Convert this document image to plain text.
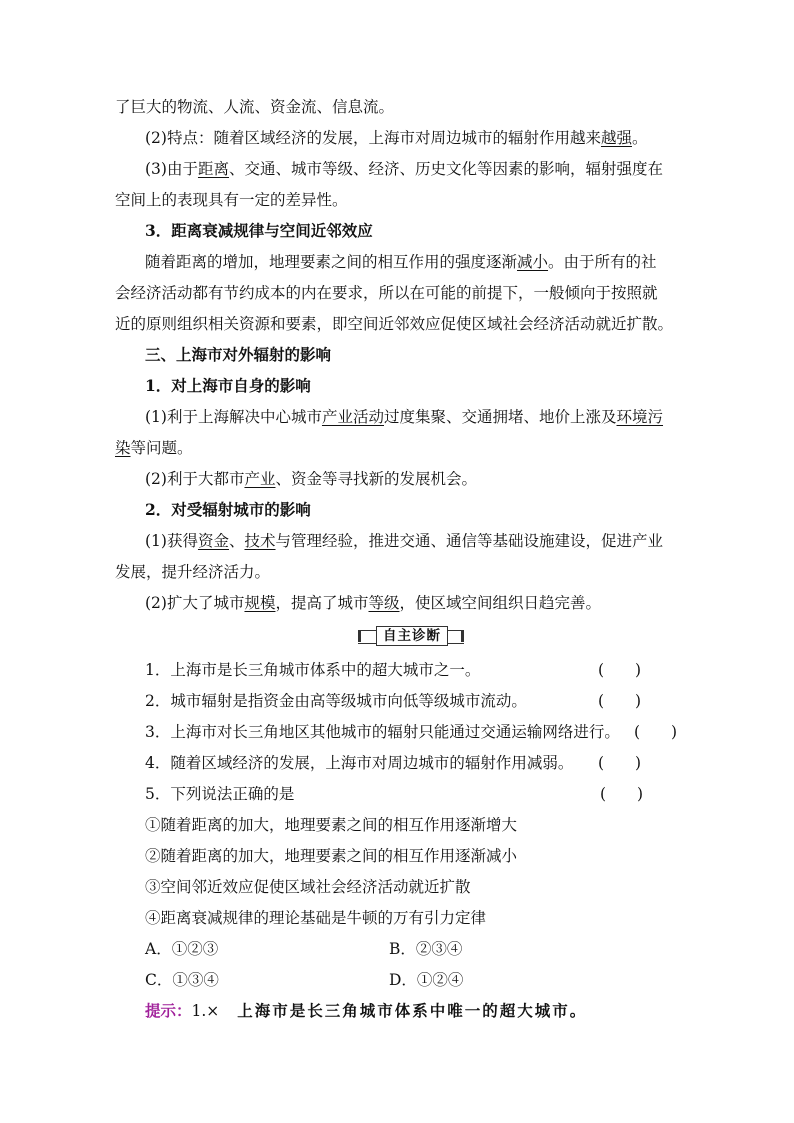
了巨大的物流、人流、资金流、信息流。
(2)特点：随着区域经济的发展，上海市对周边城市的辐射作用越来越强。
(3)由于距离、交通、城市等级、经济、历史文化等因素的影响，辐射强度在
空间上的表现具有一定的差异性。
3．距离衰减规律与空间近邻效应
随着距离的增加，地理要素之间的相互作用的强度逐渐减小。由于所有的社
会经济活动都有节约成本的内在要求，所以在可能的前提下，一般倾向于按照就
近的原则组织相关资源和要素，即空间近邻效应促使区域社会经济活动就近扩散。
三、上海市对外辐射的影响
1．对上海市自身的影响
(1)利于上海解决中心城市产业活动过度集聚、交通拥堵、地价上涨及环境污
染等问题。
(2)利于大都市产业、资金等寻找新的发展机会。
2．对受辐射城市的影响
(1)获得资金、技术与管理经验，推进交通、通信等基础设施建设，促进产业
发展，提升经济活力。
(2)扩大了城市规模，提高了城市等级，使区域空间组织日趋完善。
自主诊断
1．上海市是长三角城市体系中的超大城市之一。	(　　)
2．城市辐射是指资金由高等级城市向低等级城市流动。	(　　)
3．上海市对长三角地区其他城市的辐射只能通过交通运输网络进行。 (　　)
4．随着区域经济的发展，上海市对周边城市的辐射作用减弱。	(　　)
5．下列说法正确的是	(　　)
①随着距离的加大，地理要素之间的相互作用逐渐增大
②随着距离的加大，地理要素之间的相互作用逐渐减小
③空间邻近效应促使区域社会经济活动就近扩散
④距离衰减规律的理论基础是牛顿的万有引力定律
A．①②③	B．②③④
C．①③④	D．①②④
提示：1.× 上海市是长三角城市体系中唯一的超大城市。
